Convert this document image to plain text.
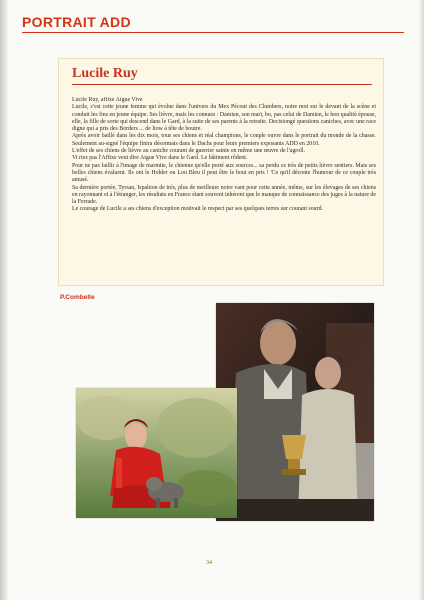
PORTRAIT ADD
Lucile Ruy

Lucile Ruy, affixe Aigue Vive

Lucile, c'est cette jeune femme qui évolue dans l'univers du Mex Pécout des Clumbers, notre mot sur le devant de la scène et conduit les fins en jeune équipe. Ses lièvre, mais les connues : Damien, son mari, bo, pas celui de Damien, le bon qualité épouse, elle, la fille de sorte qui descend dans le Gard, à la suite de ses parents à la retraite. Decisiongé questions caniches, avec une race digne qui a pris des Borders ... de liow à tête de boutre.

Après avoir baillé dans les dix mois, tous ses chiens et réal champions, le couple ouvre dans le portrait du monde de la chasse. Seulement au-signé l'équipe finira désormais dans le Dachs pour leurs premiers exposants ADD en 2010.

L'effet de ses chiens de lièvre au caniche courant de guerrier sainte en même une œuvre de l'agroll.

Vi riez pas l'Affixe veut dire Aigue Vive dans le Gard. Le bâtiment rôdent.

Pour ne pas faillir à l'image de marmite, le chienne qu'elle porté aux sources... sa perdu ce très de petits lièvre sentiers. Mais ses belles chiens évaluent. Ils ont le Holder ou Lou Bleu il peut être le bout en pris ! 'Ce qu'il déconte l'humour de ce couple très amusé.

Sa dernière portée, Tyrsan, Ispahion de très, plus de meilleure notre vant pour cette année, même, sur les élevages de ses chiens en rayonnant et à l'étranger, les résultats en France étant souvent inhérent que le manque de connaissance des juges à la nature de la Ferrade.

Le courage de Lucile a ses chiens d'exception motivait le respect par ses quelques terres sur courant sourd.

P.Combelle
34
